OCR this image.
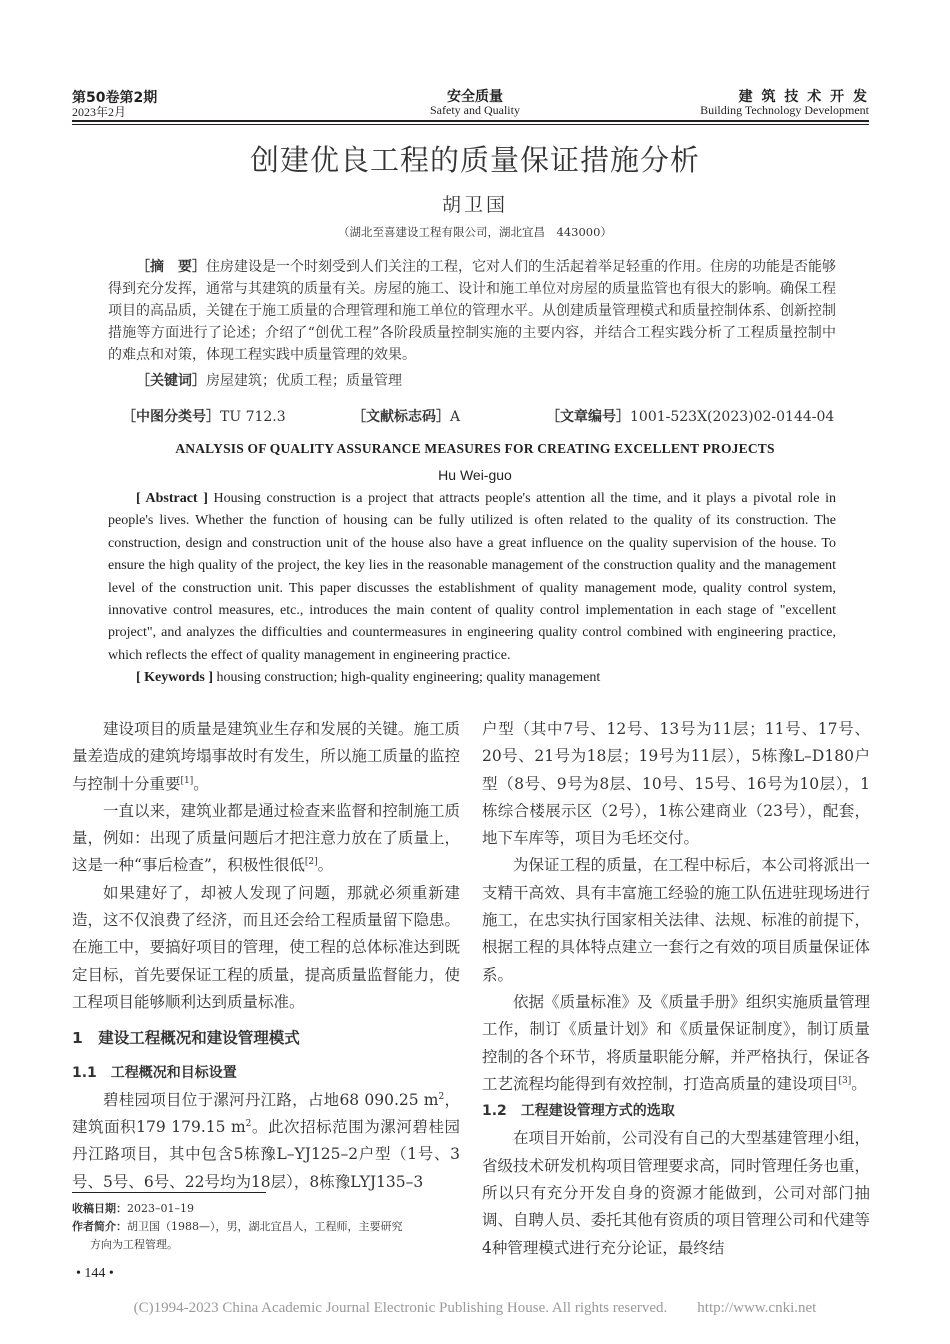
第50卷第2期
2023年2月
安全质量
Safety and Quality
建 筑 技 术 开 发
Building Technology Development
创建优良工程的质量保证措施分析
胡卫国
（湖北至喜建设工程有限公司，湖北宜昌　443000）
［摘　要］住房建设是一个时刻受到人们关注的工程，它对人们的生活起着举足轻重的作用。住房的功能是否能够得到充分发挥，通常与其建筑的质量有关。房屋的施工、设计和施工单位对房屋的质量监管也有很大的影响。确保工程项目的高品质，关键在于施工质量的合理管理和施工单位的管理水平。从创建质量管理模式和质量控制体系、创新控制措施等方面进行了论述；介绍了“创优工程”各阶段质量控制实施的主要内容，并结合工程实践分析了工程质量控制中的难点和对策，体现工程实践中质量管理的效果。
［关键词］房屋建筑；优质工程；质量管理
［中图分类号］TU 712.3	［文献标志码］A	［文章编号］1001-523X(2023)02-0144-04
ANALYSIS OF QUALITY ASSURANCE MEASURES FOR CREATING EXCELLENT PROJECTS
Hu Wei-guo
[ Abstract ] Housing construction is a project that attracts people's attention all the time, and it plays a pivotal role in people's lives. Whether the function of housing can be fully utilized is often related to the quality of its construction. The construction, design and construction unit of the house also have a great influence on the quality supervision of the house. To ensure the high quality of the project, the key lies in the reasonable management of the construction quality and the management level of the construction unit. This paper discusses the establishment of quality management mode, quality control system, innovative control measures, etc., introduces the main content of quality control implementation in each stage of "excellent project", and analyzes the difficulties and countermeasures in engineering quality control combined with engineering practice, which reflects the effect of quality management in engineering practice.
[ Keywords ] housing construction; high-quality engineering; quality management

建设项目的质量是建筑业生存和发展的关键。施工质量差造成的建筑垮塌事故时有发生，所以施工质量的监控与控制十分重要[1]。

一直以来，建筑业都是通过检查来监督和控制施工质量，例如：出现了质量问题后才把注意力放在了质量上，这是一种“事后检查”，积极性很低[2]。

如果建好了，却被人发现了问题，那就必须重新建造，这不仅浪费了经济，而且还会给工程质量留下隐患。在施工中，要搞好项目的管理，使工程的总体标准达到既定目标，首先要保证工程的质量，提高质量监督能力，使工程项目能够顺利达到质量标准。

1　建设工程概况和建设管理模式
1.1　工程概况和目标设置

碧桂园项目位于漯河丹江路，占地68 090.25 $m^2$，建筑面积179 179.15 $m^2$。此次招标范围为漯河碧桂园丹江路项目，其中包含5栋豫L–YJ125–2户型（1号、3号、5号、6号、22号均为18层），8栋豫LYJ135–3

户型（其中7号、12号、13号为11层；11号、17号、20号、21号为18层；19号为11层），5栋豫L–D180户型（8号、9号为8层、10号、15号、16号为10层），1栋综合楼展示区（2号），1栋公建商业（23号），配套，地下车库等，项目为毛坯交付。

为保证工程的质量，在工程中标后，本公司将派出一支精干高效、具有丰富施工经验的施工队伍进驻现场进行施工，在忠实执行国家相关法律、法规、标准的前提下，根据工程的具体特点建立一套行之有效的项目质量保证体系。

依据《质量标准》及《质量手册》组织实施质量管理工作，制订《质量计划》和《质量保证制度》，制订质量控制的各个环节，将质量职能分解，并严格执行，保证各工艺流程均能得到有效控制，打造高质量的建设项目[3]。

1.2　工程建设管理方式的选取

在项目开始前，公司没有自己的大型基建管理小组，省级技术研发机构项目管理要求高，同时管理任务也重，所以只有充分开发自身的资源才能做到，公司对部门抽调、自聘人员、委托其他有资质的项目管理公司和代建等4种管理模式进行充分论证，最终结

收稿日期：2023–01–19
作者简介：胡卫国（1988—），男，湖北宜昌人，工程师，主要研究
方向为工程管理。
• 144 •
(C)1994-2023 China Academic Journal Electronic Publishing House. All rights reserved.　　http://www.cnki.net
